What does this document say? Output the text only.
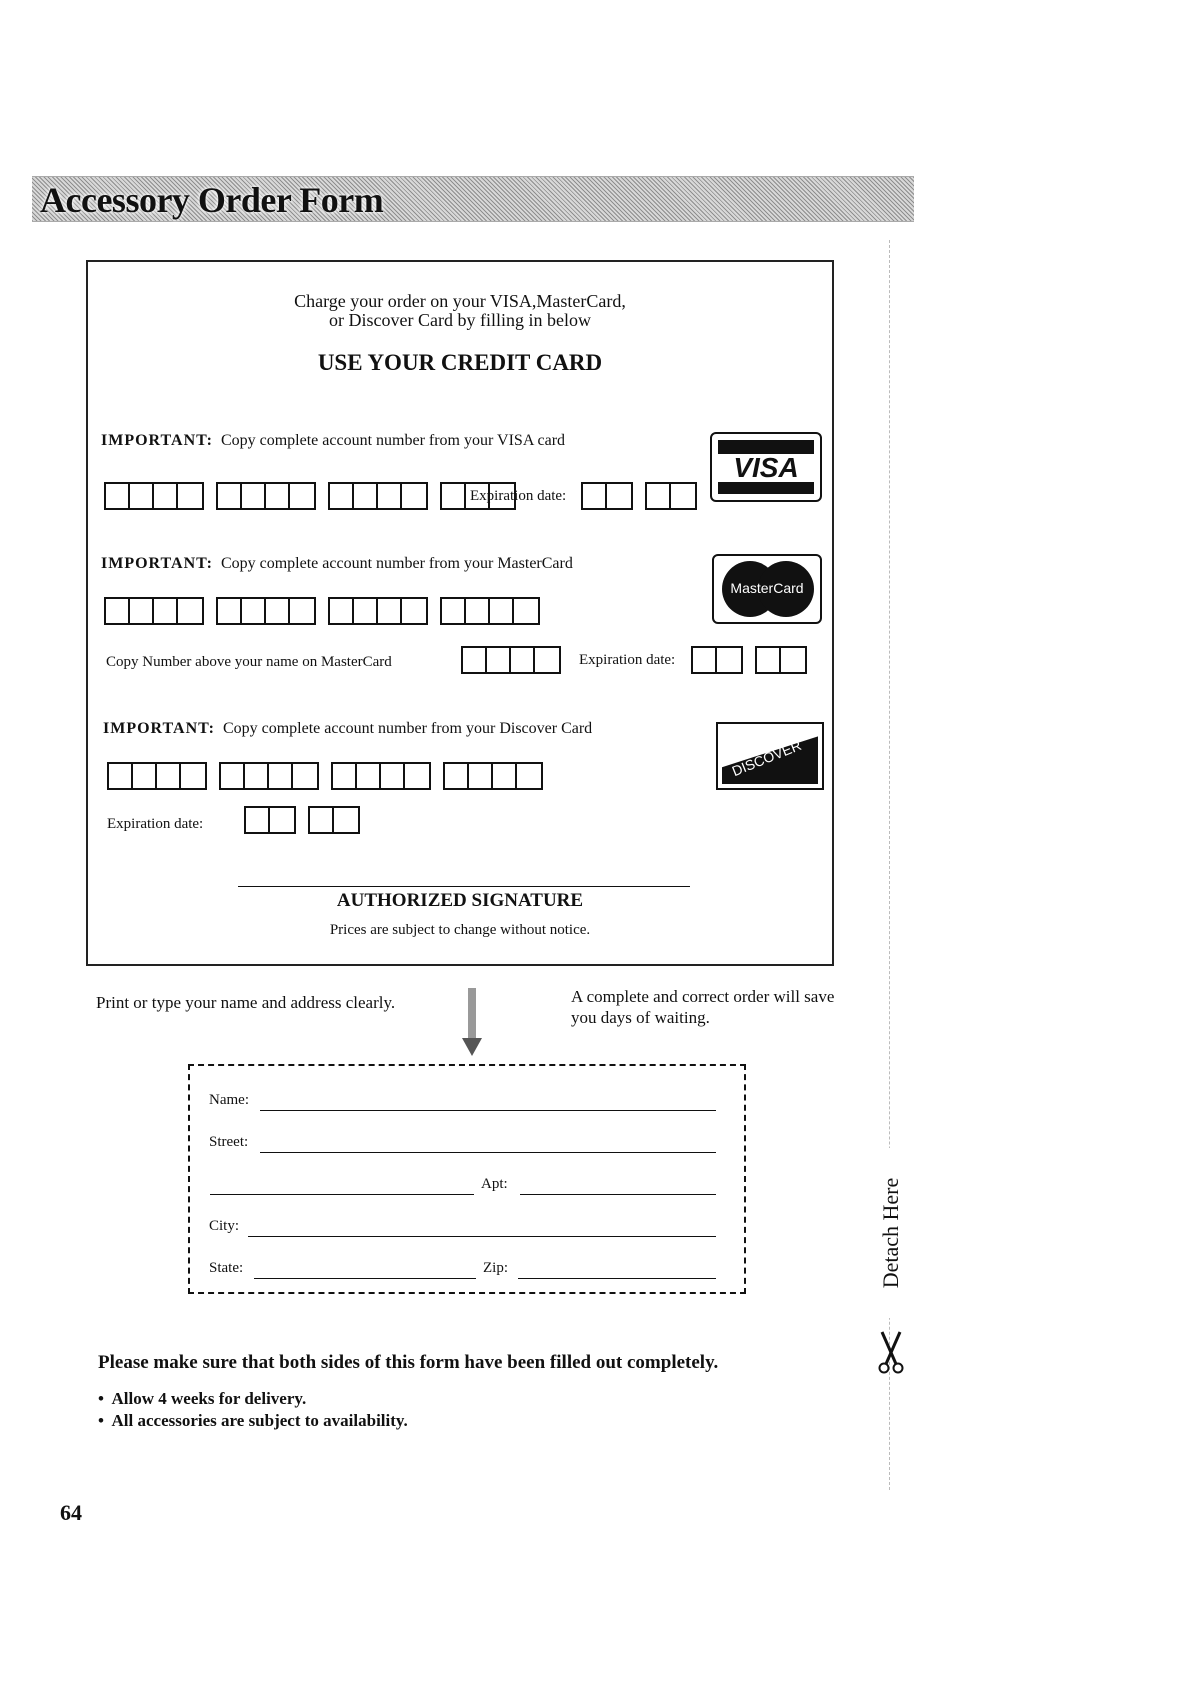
Accessory Order Form
Charge your order on your VISA,MasterCard,
or Discover Card by filling in below
USE YOUR CREDIT CARD
IMPORTANT: Copy complete account number from your VISA card
Expiration date:
VISA
IMPORTANT: Copy complete account number from your MasterCard
Copy Number above your name on MasterCard	Expiration date:
MasterCard
IMPORTANT: Copy complete account number from your Discover Card
Expiration date:
DISCOVER
AUTHORIZED SIGNATURE
Prices are subject to change without notice.
Print or type your name and address clearly.	A complete and correct order will save you days of waiting.
Name:
Street:
Apt:
City:
State:	Zip:
Please make sure that both sides of this form have been filled out completely.
•  Allow 4 weeks for delivery.
•  All accessories are subject to availability.
64
Detach Here
